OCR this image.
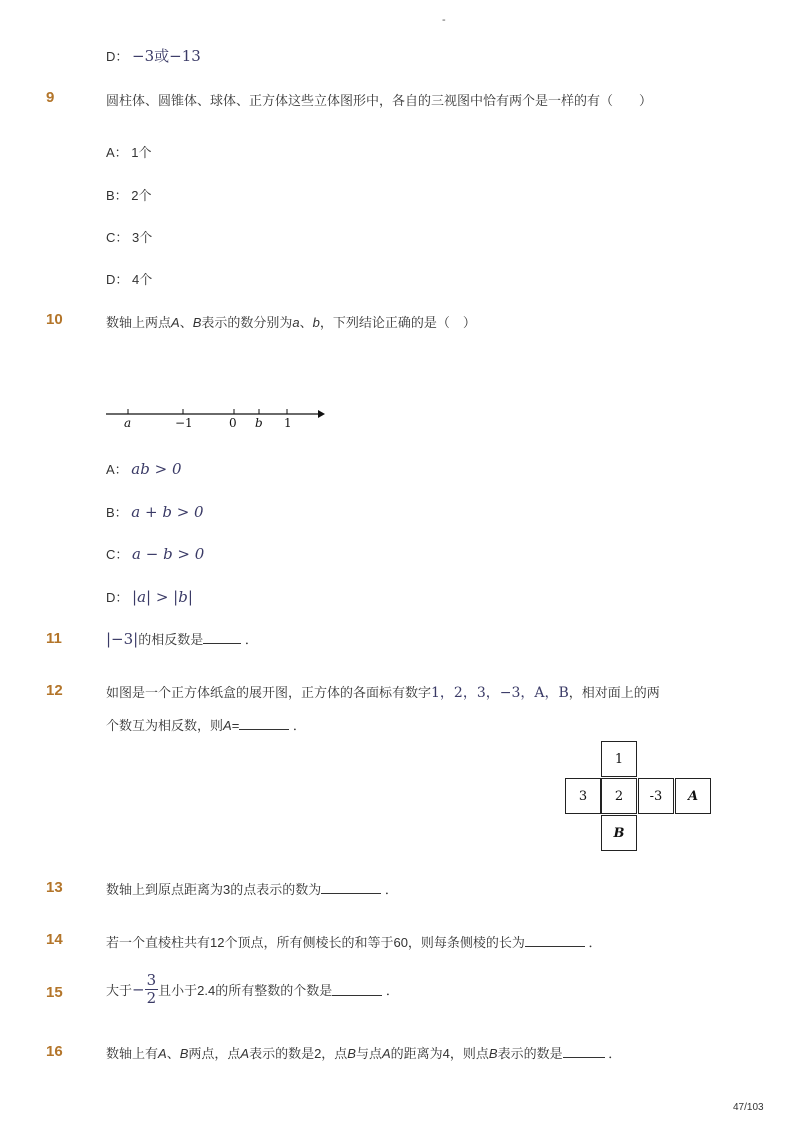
-
D： −3或−13
9	圆柱体、圆锥体、球体、正方体这些立体图形中，各自的三视图中恰有两个是一样的有（　　）
A： 1个
B： 2个
C： 3个
D： 4个
10	数轴上两点A、B表示的数分别为a、b，下列结论正确的是（　）
a	−1	0 b 1
A： ab > 0
B： a + b > 0
C： a − b > 0
D： |a| > |b|
11	|−3|的相反数是	．
12	如图是一个正方体纸盒的展开图，正方体的各面标有数字1，2，3，−3，A，B，相对面上的两
个数互为相反数，则A=	．
1
3	2	-3	A
B
13	数轴上到原点距离为3的点表示的数为	．
14	若一个直棱柱共有12个顶点，所有侧棱长的和等于60，则每条侧棱的长为	．
15	大于− $\frac{3}{2}$ 且小于2.4的所有整数的个数是	．
16	数轴上有A、B两点，点A表示的数是2，点B与点A的距离为4，则点B表示的数是	．
47/103
